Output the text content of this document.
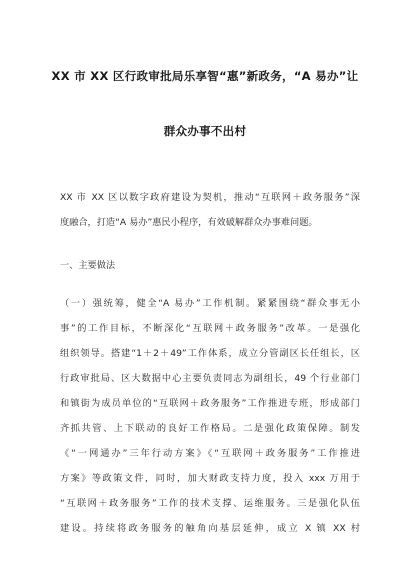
XX 市 XX 区行政审批局乐享智“惠”新政务，“A 易办”让
群众办事不出村
XX 市 XX 区以数字政府建设为契机，推动“互联网＋政务服务”深
度融合，打造“A 易办”惠民小程序，有效破解群众办事难问题。
一、主要做法
（一）强统筹，健全“A 易办”工作机制。紧紧围绕“群众事无小
事”的工作目标，不断深化“互联网＋政务服务”改革。一是强化
组织领导。搭建“1＋2＋49”工作体系，成立分管副区长任组长，区
行政审批局、区大数据中心主要负责同志为副组长，49 个行业部门
和镇街为成员单位的“互联网＋政务服务”工作推进专班，形成部门
齐抓共管、上下联动的良好工作格局。二是强化政策保障。制发
《“一网通办”三年行动方案》《“互联网＋政务服务”工作推进
方案》等政策文件，同时，加大财政支持力度，投入 xxx 万用于
“互联网＋政务服务”工作的技术支撑、运维服务。三是强化队伍
建设。持续将政务服务的触角向基层延伸，成立 X 镇 XX 村
